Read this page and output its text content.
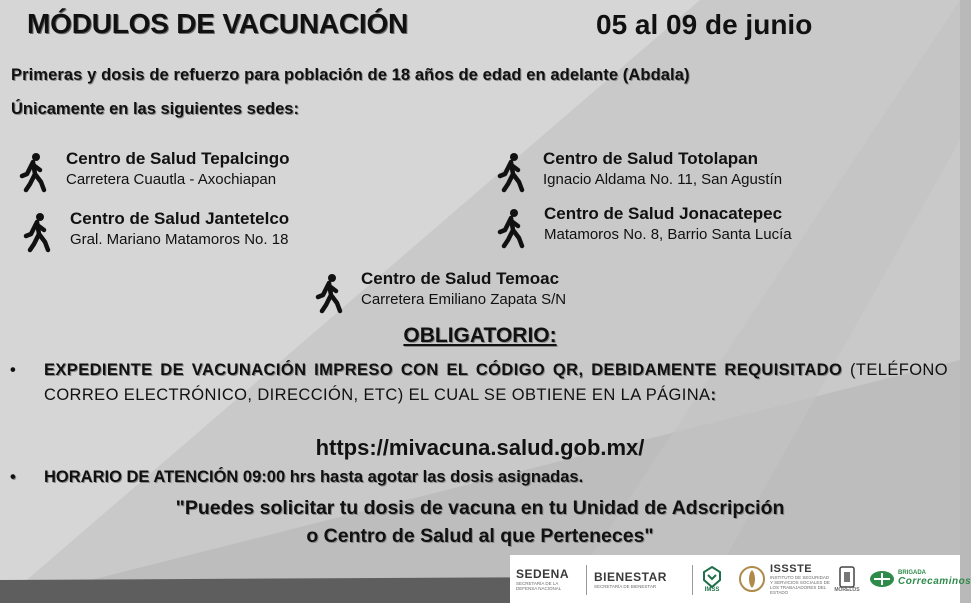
MÓDULOS DE VACUNACIÓN	05 al 09 de junio
Primeras y dosis de refuerzo para población de 18 años de edad en adelante (Abdala)
Únicamente en las siguientes sedes:
Centro de Salud Tepalcingo
Carretera Cuautla - Axochiapan
Centro de Salud Jantetelco
Gral. Mariano Matamoros No. 18
Centro de Salud Totolapan
Ignacio Aldama No. 11, San Agustín
Centro de Salud Jonacatepec
Matamoros No. 8, Barrio Santa Lucía
Centro de Salud Temoac
Carretera Emiliano Zapata S/N
OBLIGATORIO:
• EXPEDIENTE DE VACUNACIÓN IMPRESO CON EL CÓDIGO QR, DEBIDAMENTE REQUISITADO (TELÉFONO CORREO ELECTRÓNICO, DIRECCIÓN, ETC) EL CUAL SE OBTIENE EN LA PÁGINA:
https://mivacuna.salud.gob.mx/
• HORARIO DE ATENCIÓN 09:00 hrs hasta agotar las dosis asignadas.
"Puedes solicitar tu dosis de vacuna en tu Unidad de Adscripción
o Centro de Salud al que Perteneces"
SEDENA
SECRETARÍA DE LA DEFENSA NACIONAL
BIENESTAR
SECRETARÍA DE BIENESTAR
IMSS
ISSSTE
INSTITUTO DE SEGURIDAD Y SERVICIOS SOCIALES DE LOS TRABAJADORES DEL ESTADO	MORELOS
BRIGADA
Correcaminos
